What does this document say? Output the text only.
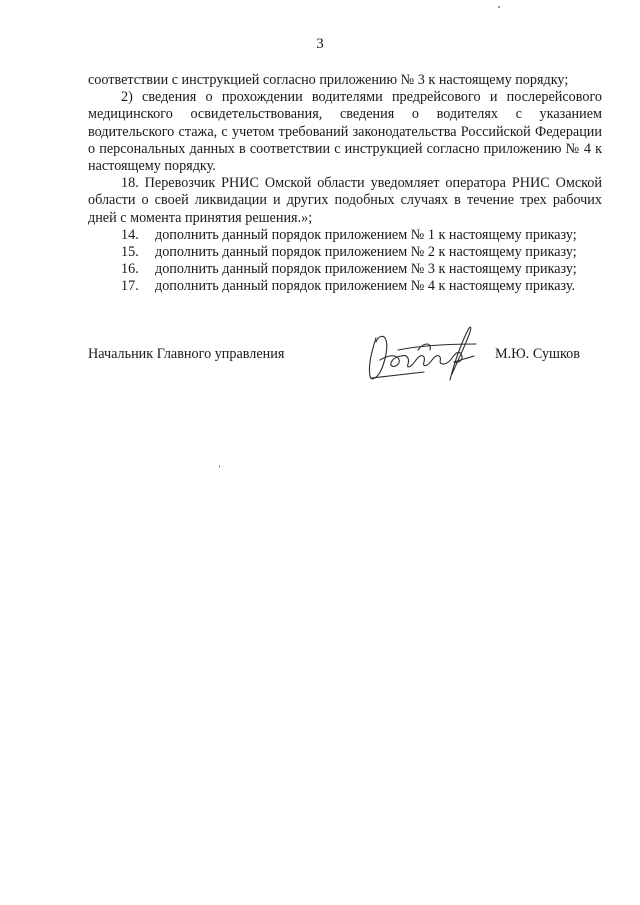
3

соответствии с инструкцией согласно приложению № 3 к настоящему порядку;

2) сведения о прохождении водителями предрейсового и послерейсового медицинского освидетельствования, сведения о водителях с указанием водительского стажа, с учетом требований законодательства Российской Федерации о персональных данных в соответствии с инструкцией согласно приложению № 4 к настоящему порядку.

18. Перевозчик РНИС Омской области уведомляет оператора РНИС Омской области о своей ликвидации и других подобных случаях в течение трех рабочих дней с момента принятия решения.»;

14.	дополнить данный порядок приложением № 1 к настоящему приказу;
15.	дополнить данный порядок приложением № 2 к настоящему приказу;
16.	дополнить данный порядок приложением № 3 к настоящему приказу;
17.	дополнить данный порядок приложением № 4 к настоящему приказу.
Начальник Главного управления	М.Ю. Сушков
